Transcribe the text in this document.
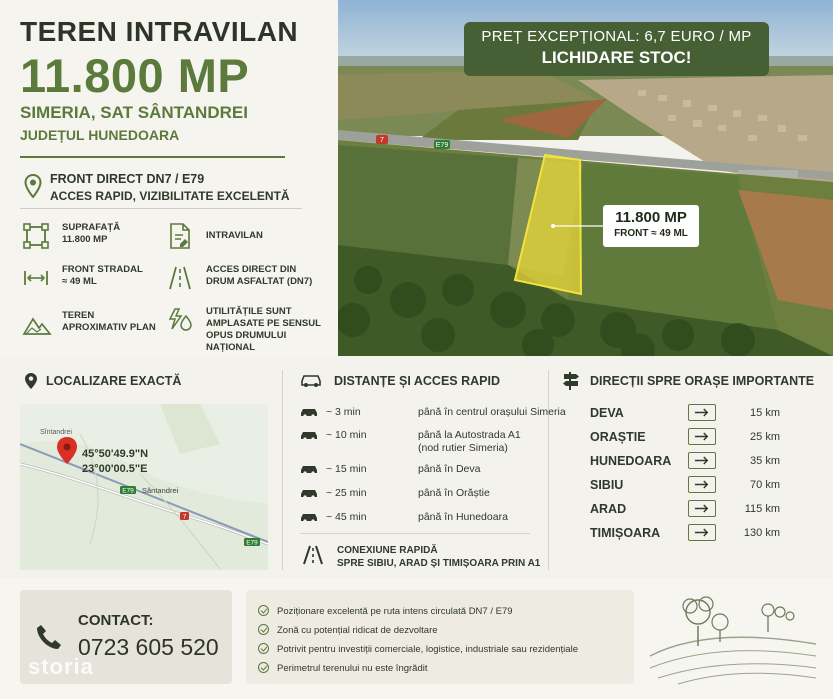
TEREN INTRAVILAN
11.800 MP
SIMERIA, SAT SÂNTANDREI
JUDEȚUL HUNEDOARA
FRONT DIRECT DN7 / E79
ACCES RAPID, VIZIBILITATE EXCELENTĂ
SUPRAFAȚĂ
11.800 MP	INTRAVILAN
FRONT STRADAL
≈ 49 ML
ACCES DIRECT DIN
DRUM ASFALTAT (DN7)
TEREN
APROXIMATIV PLAN
UTILITĂȚILE SUNT
AMPLASATE PE SENSUL
OPUS DRUMULUI NAȚIONAL
7
E79
PREȚ EXCEPȚIONAL: 6,7 EURO / MP
LICHIDARE STOC!
11.800 MP
FRONT ≈ 49 ML
LOCALIZARE EXACTĂ
Sîntandrei
Sântandrei
E79
7
E79
45°50'49.9"N
23°00'00.5"E
DISTANȚE ȘI ACCES RAPID
~ 3 min	până în centrul orașului Simeria
~ 10 min	până la Autostrada A1
(nod rutier Simeria)
~ 15 min	până în Deva
~ 25 min	până în Orăștie
~ 45 min	până în Hunedoara
CONEXIUNE RAPIDĂ
SPRE SIBIU, ARAD ȘI TIMIȘOARA PRIN A1
DIRECȚII SPRE ORAȘE IMPORTANTE
DEVA	15 km
ORAȘTIE	25 km
HUNEDOARA	35 km
SIBIU	70 km
ARAD	115 km
TIMIȘOARA	130 km
CONTACT:
0723 605 520
storia
Poziționare excelentă pe ruta intens circulată DN7 / E79
Zonă cu potențial ridicat de dezvoltare
Potrivit pentru investiții comerciale, logistice, industriale sau rezidențiale
Perimetrul terenului nu este îngrădit
